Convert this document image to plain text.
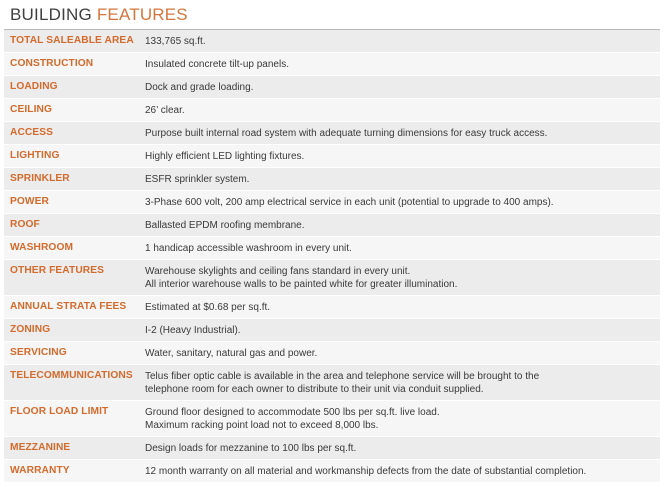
BUILDING FEATURES
TOTAL SALEABLE AREA	133,765 sq.ft.
CONSTRUCTION	Insulated concrete tilt-up panels.
LOADING	Dock and grade loading.
CEILING	26’ clear.
ACCESS	Purpose built internal road system with adequate turning dimensions for easy truck access.
LIGHTING	Highly efficient LED lighting fixtures.
SPRINKLER	ESFR sprinkler system.
POWER	3-Phase 600 volt, 200 amp electrical service in each unit (potential to upgrade to 400 amps).
ROOF	Ballasted EPDM roofing membrane.
WASHROOM	1 handicap accessible washroom in every unit.
OTHER FEATURES	Warehouse skylights and ceiling fans standard in every unit.
All interior warehouse walls to be painted white for greater illumination.
ANNUAL STRATA FEES	Estimated at $0.68 per sq.ft.
ZONING	I-2 (Heavy Industrial).
SERVICING	Water, sanitary, natural gas and power.
TELECOMMUNICATIONS	Telus fiber optic cable is available in the area and telephone service will be brought to the
telephone room for each owner to distribute to their unit via conduit supplied.
FLOOR LOAD LIMIT	Ground floor designed to accommodate 500 lbs per sq.ft. live load.
Maximum racking point load not to exceed 8,000 lbs.
MEZZANINE	Design loads for mezzanine to 100 lbs per sq.ft.
WARRANTY	12 month warranty on all material and workmanship defects from the date of substantial completion.
